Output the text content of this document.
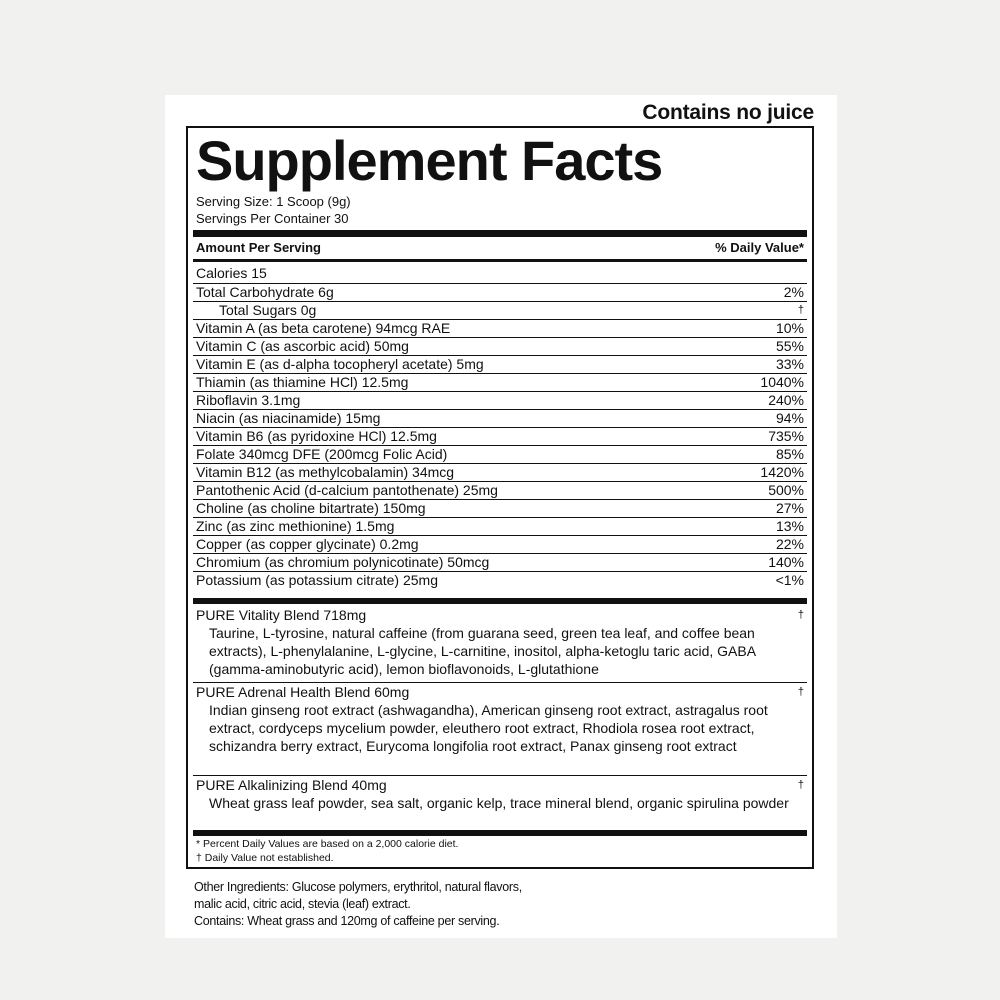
Contains no juice
Supplement Facts
Serving Size: 1 Scoop (9g)
Servings Per Container 30
Amount Per Serving	% Daily Value*
Calories 15
Total Carbohydrate 6g	2%
Total Sugars 0g	†
Vitamin A (as beta carotene) 94mcg RAE	10%
Vitamin C (as ascorbic acid) 50mg	55%
Vitamin E (as d-alpha tocopheryl acetate) 5mg	33%
Thiamin (as thiamine HCl) 12.5mg	1040%
Riboflavin 3.1mg	240%
Niacin (as niacinamide) 15mg	94%
Vitamin B6 (as pyridoxine HCl) 12.5mg	735%
Folate 340mcg DFE (200mcg Folic Acid)	85%
Vitamin B12 (as methylcobalamin) 34mcg	1420%
Pantothenic Acid (d-calcium pantothenate) 25mg	500%
Choline (as choline bitartrate) 150mg	27%
Zinc (as zinc methionine) 1.5mg	13%
Copper (as copper glycinate) 0.2mg	22%
Chromium (as chromium polynicotinate) 50mcg	140%
Potassium (as potassium citrate) 25mg	<1%
PURE Vitality Blend 718mg	†
Taurine, L-tyrosine, natural caffeine (from guarana seed, green tea leaf, and coffee bean extracts), L-phenylalanine, L-glycine, L-carnitine, inositol, alpha-ketoglu taric acid, GABA (gamma-aminobutyric acid), lemon bioflavonoids, L-glutathione
PURE Adrenal Health Blend 60mg	†
Indian ginseng root extract (ashwagandha), American ginseng root extract, astragalus root extract, cordyceps mycelium powder, eleuthero root extract, Rhodiola rosea root extract, schizandra berry extract, Eurycoma longifolia root extract, Panax ginseng root extract
PURE Alkalinizing Blend 40mg	†
Wheat grass leaf powder, sea salt, organic kelp, trace mineral blend, organic spirulina powder
* Percent Daily Values are based on a 2,000 calorie diet.
† Daily Value not established.
Other Ingredients: Glucose polymers, erythritol, natural flavors,
malic acid, citric acid, stevia (leaf) extract.
Contains: Wheat grass and 120mg of caffeine per serving.
